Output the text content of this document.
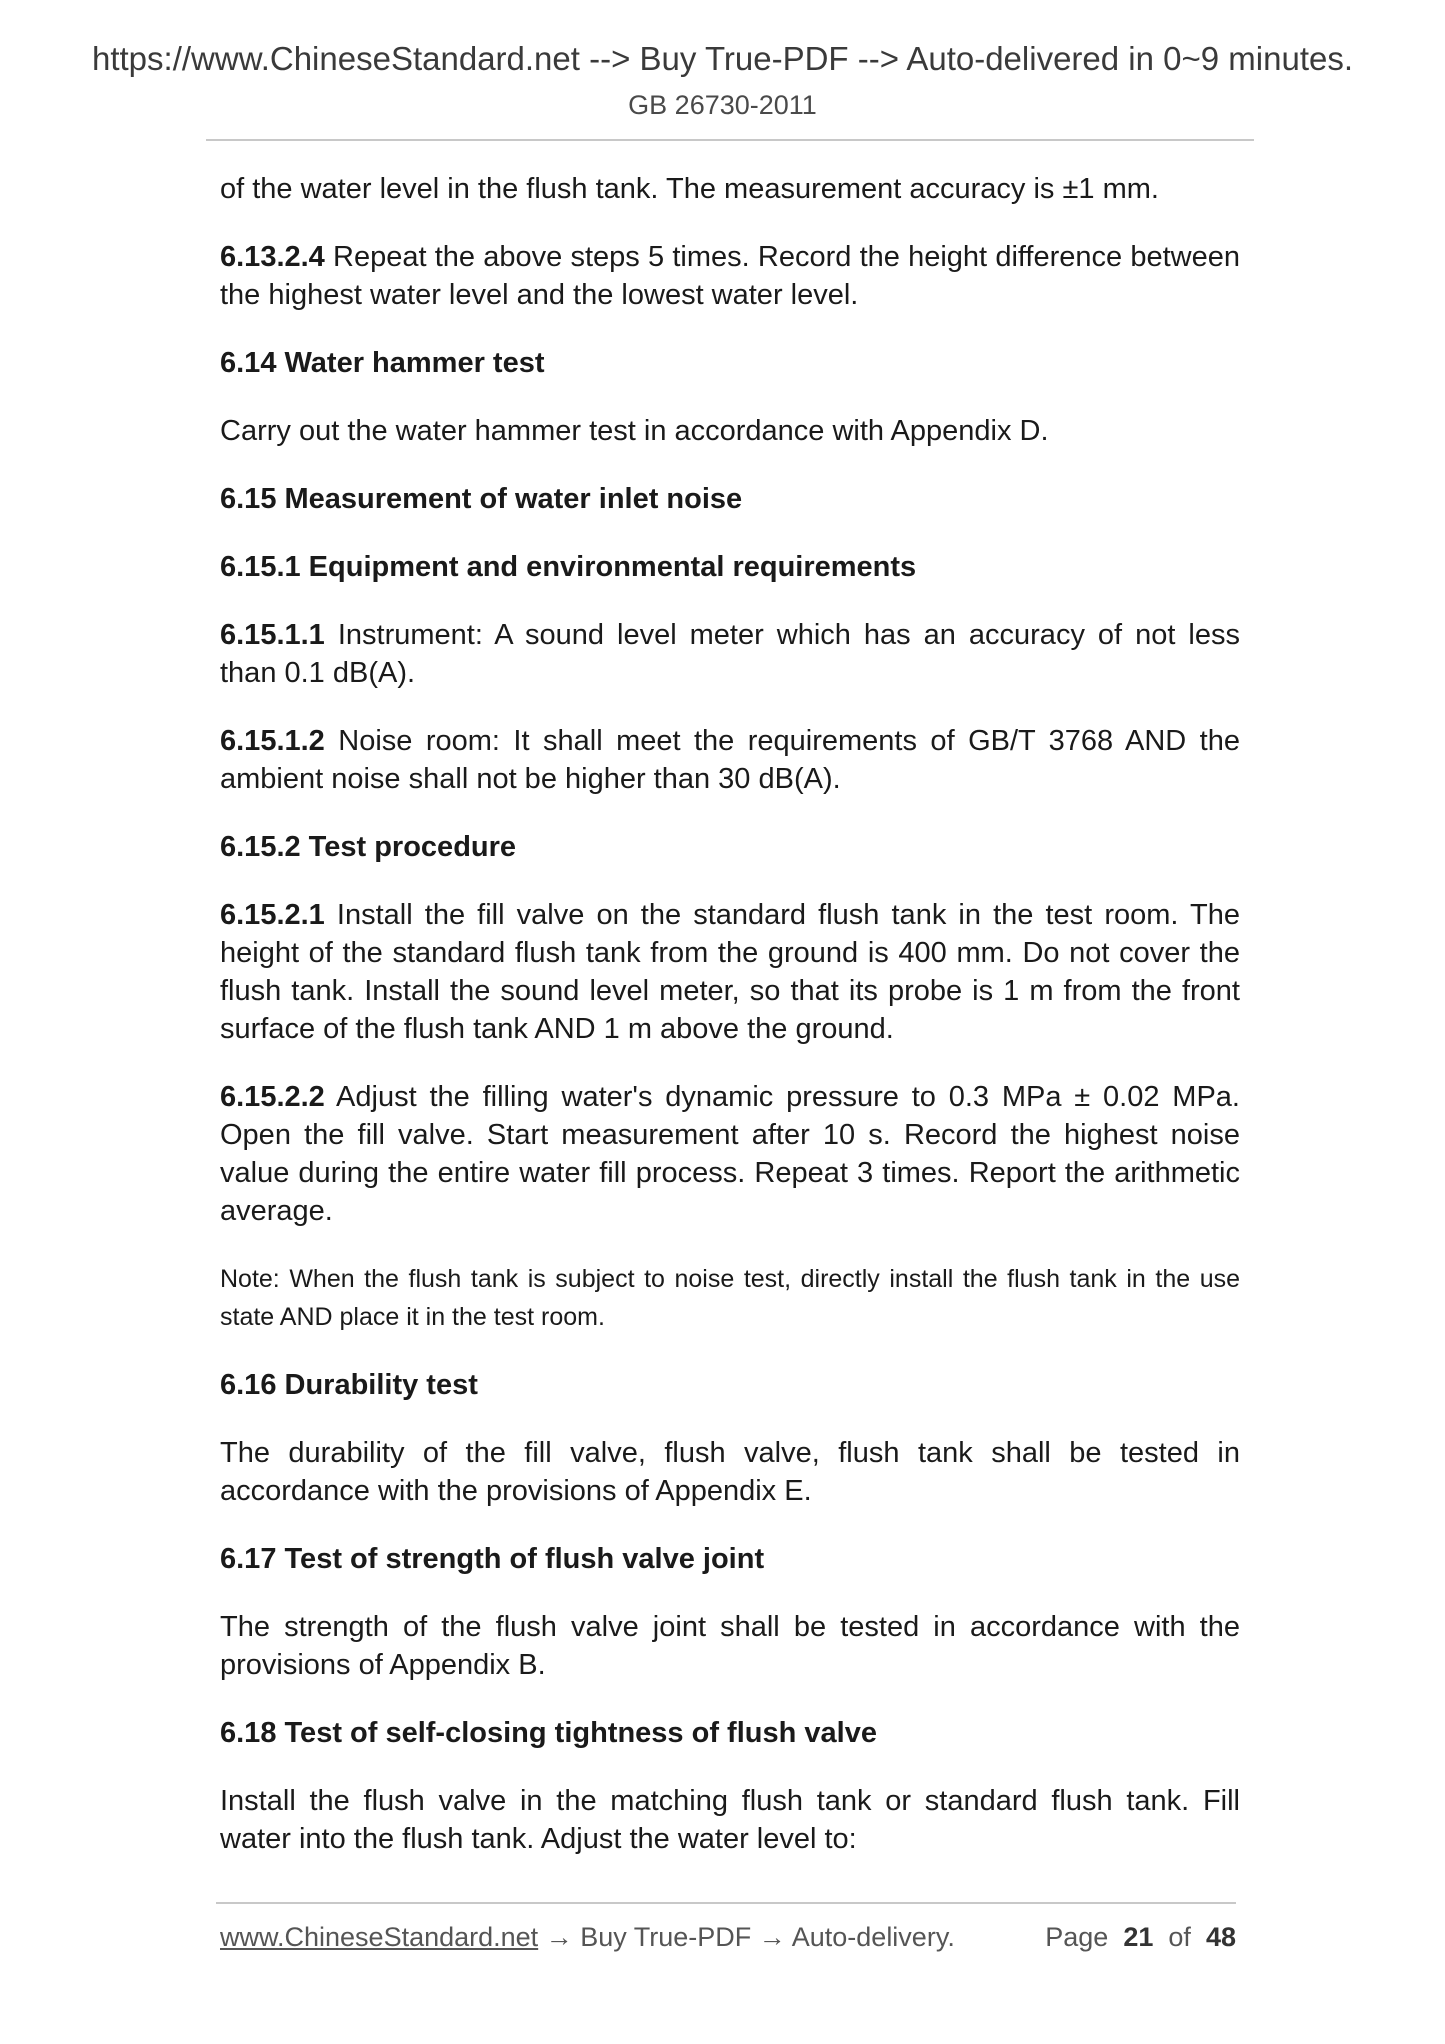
https://www.ChineseStandard.net --> Buy True-PDF --> Auto-delivered in 0~9 minutes.
GB 26730-2011

of the water level in the flush tank. The measurement accuracy is ±1 mm.

6.13.2.4 Repeat the above steps 5 times. Record the height difference between the highest water level and the lowest water level.

6.14 Water hammer test

Carry out the water hammer test in accordance with Appendix D.

6.15 Measurement of water inlet noise

6.15.1 Equipment and environmental requirements

6.15.1.1 Instrument: A sound level meter which has an accuracy of not less than 0.1 dB(A).

6.15.1.2 Noise room: It shall meet the requirements of GB/T 3768 AND the ambient noise shall not be higher than 30 dB(A).

6.15.2 Test procedure

6.15.2.1 Install the fill valve on the standard flush tank in the test room. The height of the standard flush tank from the ground is 400 mm. Do not cover the flush tank. Install the sound level meter, so that its probe is 1 m from the front surface of the flush tank AND 1 m above the ground.

6.15.2.2 Adjust the filling water's dynamic pressure to 0.3 MPa ± 0.02 MPa. Open the fill valve. Start measurement after 10 s. Record the highest noise value during the entire water fill process. Repeat 3 times. Report the arithmetic average.

Note: When the flush tank is subject to noise test, directly install the flush tank in the use state AND place it in the test room.

6.16 Durability test

The durability of the fill valve, flush valve, flush tank shall be tested in accordance with the provisions of Appendix E.

6.17 Test of strength of flush valve joint

The strength of the flush valve joint shall be tested in accordance with the provisions of Appendix B.

6.18 Test of self-closing tightness of flush valve

Install the flush valve in the matching flush tank or standard flush tank. Fill water into the flush tank. Adjust the water level to:

www.ChineseStandard.net → Buy True-PDF → Auto-delivery.	Page 21 of 48
